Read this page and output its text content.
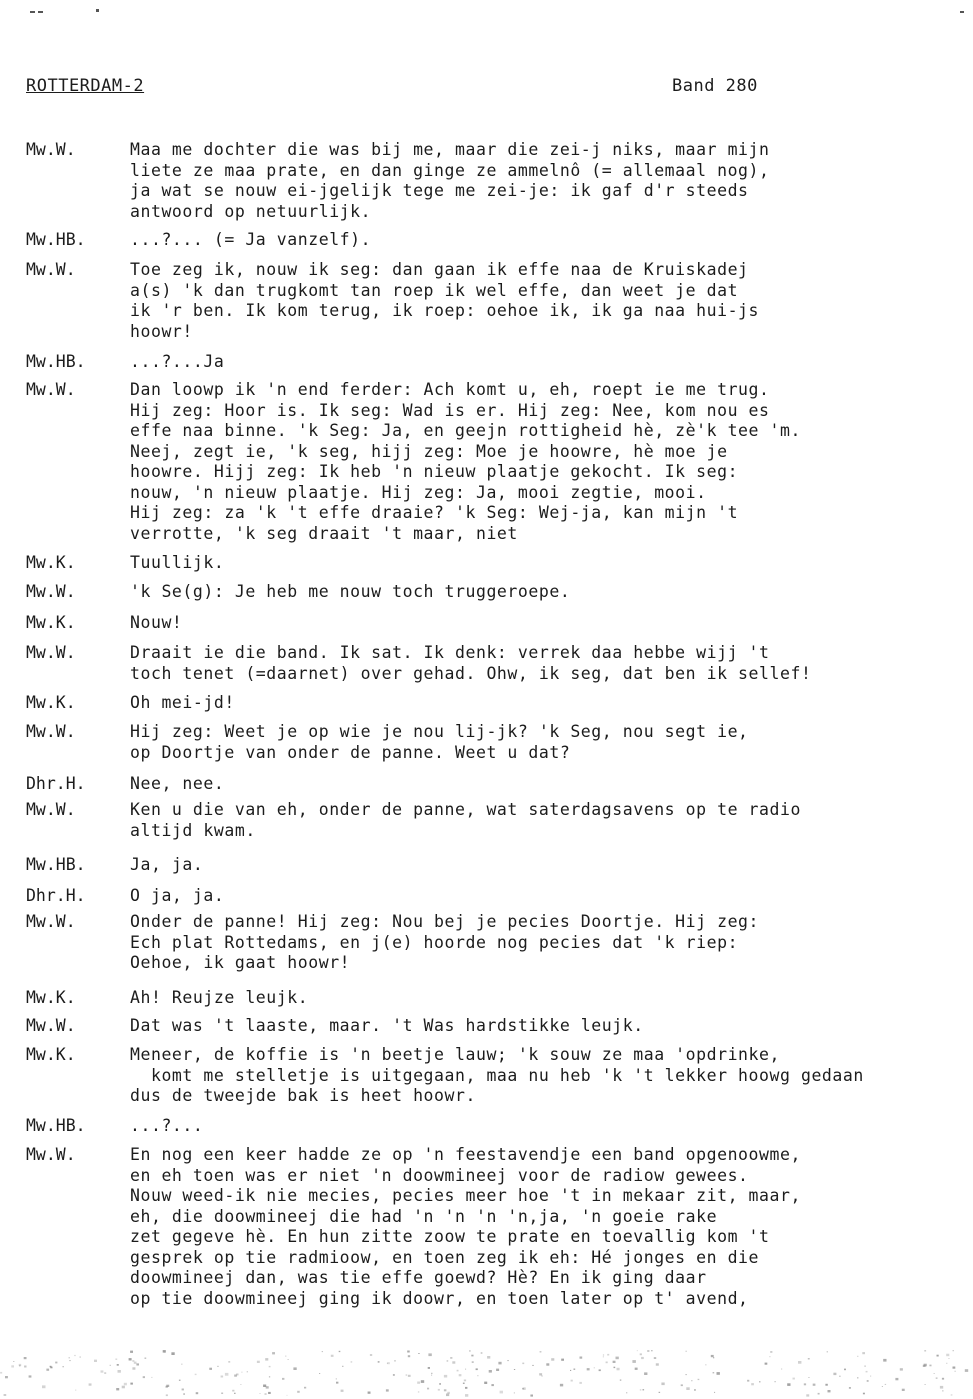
ROTTERDAM-2	Band 280
Mw.W.	Maa me dochter die was bij me, maar die zei-j niks, maar mijn
liete ze maa prate, en dan ginge ze ammelnô (= allemaal nog),
ja wat se nouw ei-jgelijk tege me zei-je: ik gaf d'r steeds
antwoord op netuurlijk.
Mw.HB.	...?... (= Ja vanzelf).
Mw.W.	Toe zeg ik, nouw ik seg: dan gaan ik effe naa de Kruiskadej
a(s) 'k dan trugkomt tan roep ik wel effe, dan weet je dat
ik 'r ben. Ik kom terug, ik roep: oehoe ik, ik ga naa hui-js
hoowr!
Mw.HB.	...?...Ja
Mw.W.	Dan loowp ik 'n end ferder: Ach komt u, eh, roept ie me trug.
Hij zeg: Hoor is. Ik seg: Wad is er. Hij zeg: Nee, kom nou es
effe naa binne. 'k Seg: Ja, en geejn rottigheid hè, zè'k tee 'm.
Neej, zegt ie, 'k seg, hijj zeg: Moe je hoowre, hè moe je
hoowre. Hijj zeg: Ik heb 'n nieuw plaatje gekocht. Ik seg:
nouw, 'n nieuw plaatje. Hij zeg: Ja, mooi zegtie, mooi.
Hij zeg: za 'k 't effe draaie? 'k Seg: Wej-ja, kan mijn 't
verrotte, 'k seg draait 't maar, niet
Mw.K.	Tuullijk.
Mw.W.	'k Se(g): Je heb me nouw toch truggeroepe.
Mw.K.	Nouw!
Mw.W.	Draait ie die band. Ik sat. Ik denk: verrek daa hebbe wijj 't
toch tenet (=daarnet) over gehad. Ohw, ik seg, dat ben ik sellef!
Mw.K.	Oh mei-jd!
Mw.W.	Hij zeg: Weet je op wie je nou lij-jk? 'k Seg, nou segt ie,
op Doortje van onder de panne. Weet u dat?
Dhr.H.	Nee, nee.
Mw.W.	Ken u die van eh, onder de panne, wat saterdagsavens op te radio
altijd kwam.
Mw.HB.	Ja, ja.
Dhr.H.	O ja, ja.
Mw.W.	Onder de panne! Hij zeg: Nou bej je pecies Doortje. Hij zeg:
Ech plat Rottedams, en j(e) hoorde nog pecies dat 'k riep:
Oehoe, ik gaat hoowr!
Mw.K.	Ah! Reujze leujk.
Mw.W.	Dat was 't laaste, maar. 't Was hardstikke leujk.
Mw.K.	Meneer, de koffie is 'n beetje lauw; 'k souw ze maa 'opdrinke,
komt me stelletje is uitgegaan, maa nu heb 'k 't lekker hoowg gedaan
dus de tweejde bak is heet hoowr.
Mw.HB.	...?...
Mw.W.	En nog een keer hadde ze op 'n feestavendje een band opgenoowme,
en eh toen was er niet 'n doowmineej voor de radiow gewees.
Nouw weed-ik nie mecies, pecies meer hoe 't in mekaar zit, maar,
eh, die doowmineej die had 'n 'n 'n 'n,ja, 'n goeie rake
zet gegeve hè. En hun zitte zoow te prate en toevallig kom 't
gesprek op tie radmioow, en toen zeg ik eh: Hé jonges en die
doowmineej dan, was tie effe goewd? Hè? En ik ging daar
op tie doowmineej ging ik doowr, en toen later op t' avend,
